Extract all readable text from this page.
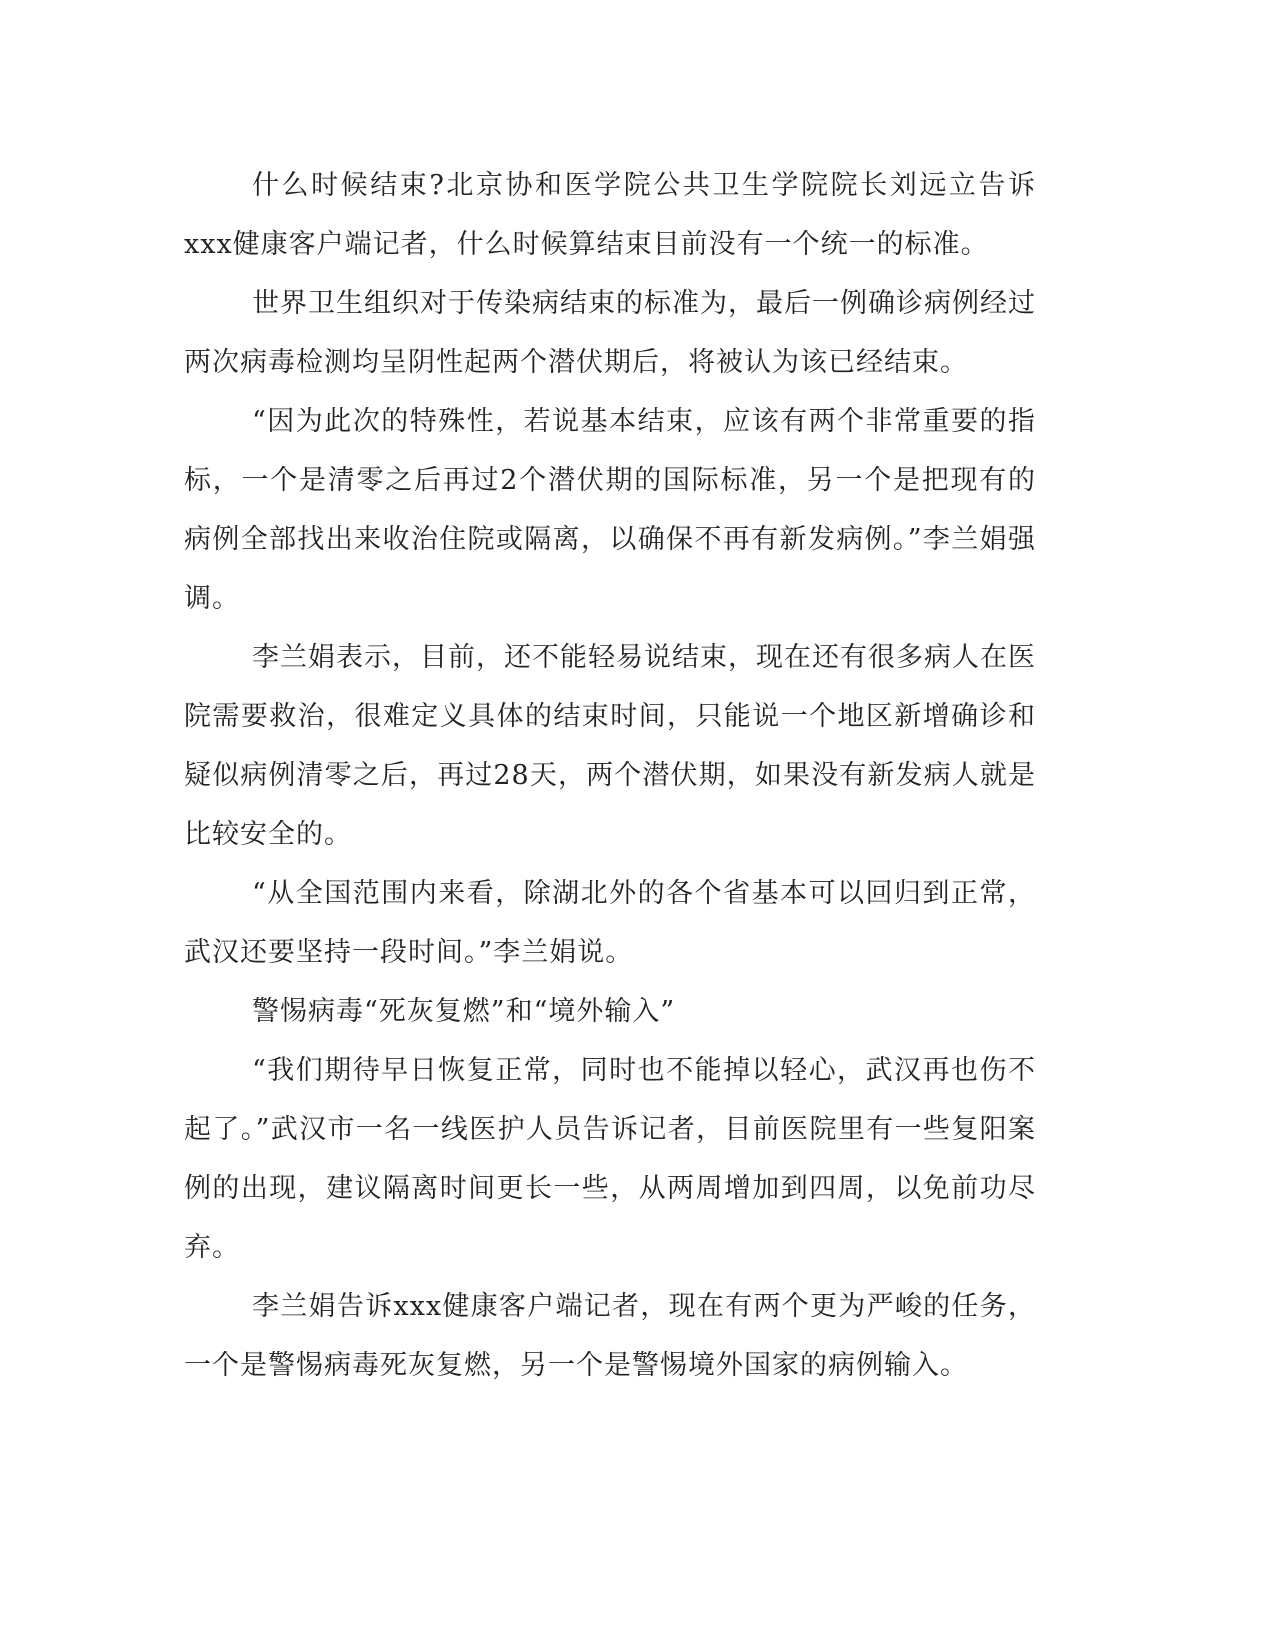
什么时候结束?北京协和医学院公共卫生学院院长刘远立告诉xxx健康客户端记者，什么时候算结束目前没有一个统一的标准。

世界卫生组织对于传染病结束的标准为，最后一例确诊病例经过两次病毒检测均呈阴性起两个潜伏期后，将被认为该已经结束。

“因为此次的特殊性，若说基本结束，应该有两个非常重要的指标，一个是清零之后再过2个潜伏期的国际标准，另一个是把现有的病例全部找出来收治住院或隔离，以确保不再有新发病例。”李兰娟强调。

李兰娟表示，目前，还不能轻易说结束，现在还有很多病人在医院需要救治，很难定义具体的结束时间，只能说一个地区新增确诊和疑似病例清零之后，再过28天，两个潜伏期，如果没有新发病人就是比较安全的。

“从全国范围内来看，除湖北外的各个省基本可以回归到正常，武汉还要坚持一段时间。”李兰娟说。

警惕病毒“死灰复燃”和“境外输入”

“我们期待早日恢复正常，同时也不能掉以轻心，武汉再也伤不起了。”武汉市一名一线医护人员告诉记者，目前医院里有一些复阳案例的出现，建议隔离时间更长一些，从两周增加到四周，以免前功尽弃。

李兰娟告诉xxx健康客户端记者，现在有两个更为严峻的任务，一个是警惕病毒死灰复燃，另一个是警惕境外国家的病例输入。
